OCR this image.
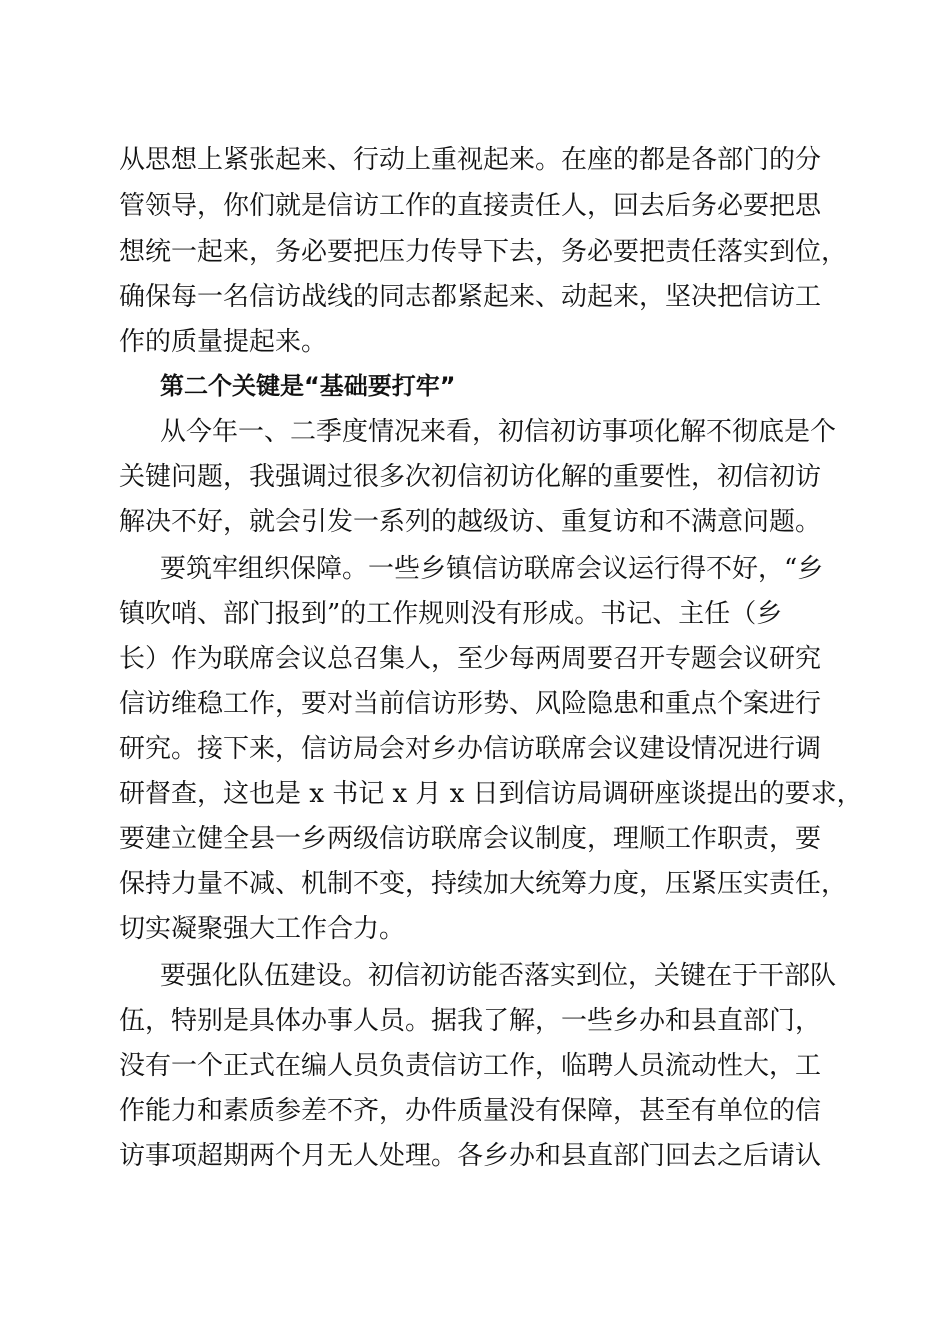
从思想上紧张起来、行动上重视起来。在座的都是各部门的分

管领导，你们就是信访工作的直接责任人，回去后务必要把思

想统一起来，务必要把压力传导下去，务必要把责任落实到位，

确保每一名信访战线的同志都紧起来、动起来，坚决把信访工

作的质量提起来。

第二个关键是“基础要打牢”

从今年一、二季度情况来看，初信初访事项化解不彻底是个

关键问题，我强调过很多次初信初访化解的重要性，初信初访

解决不好，就会引发一系列的越级访、重复访和不满意问题。

要筑牢组织保障。一些乡镇信访联席会议运行得不好，“乡

镇吹哨、部门报到”的工作规则没有形成。书记、主任（乡

长）作为联席会议总召集人，至少每两周要召开专题会议研究

信访维稳工作，要对当前信访形势、风险隐患和重点个案进行

研究。接下来，信访局会对乡办信访联席会议建设情况进行调

研督查，这也是 x 书记 x 月 x 日到信访局调研座谈提出的要求，

要建立健全县一乡两级信访联席会议制度，理顺工作职责，要

保持力量不减、机制不变，持续加大统筹力度，压紧压实责任，

切实凝聚强大工作合力。

要强化队伍建设。初信初访能否落实到位，关键在于干部队

伍，特别是具体办事人员。据我了解，一些乡办和县直部门，

没有一个正式在编人员负责信访工作，临聘人员流动性大，工

作能力和素质参差不齐，办件质量没有保障，甚至有单位的信

访事项超期两个月无人处理。各乡办和县直部门回去之后请认
